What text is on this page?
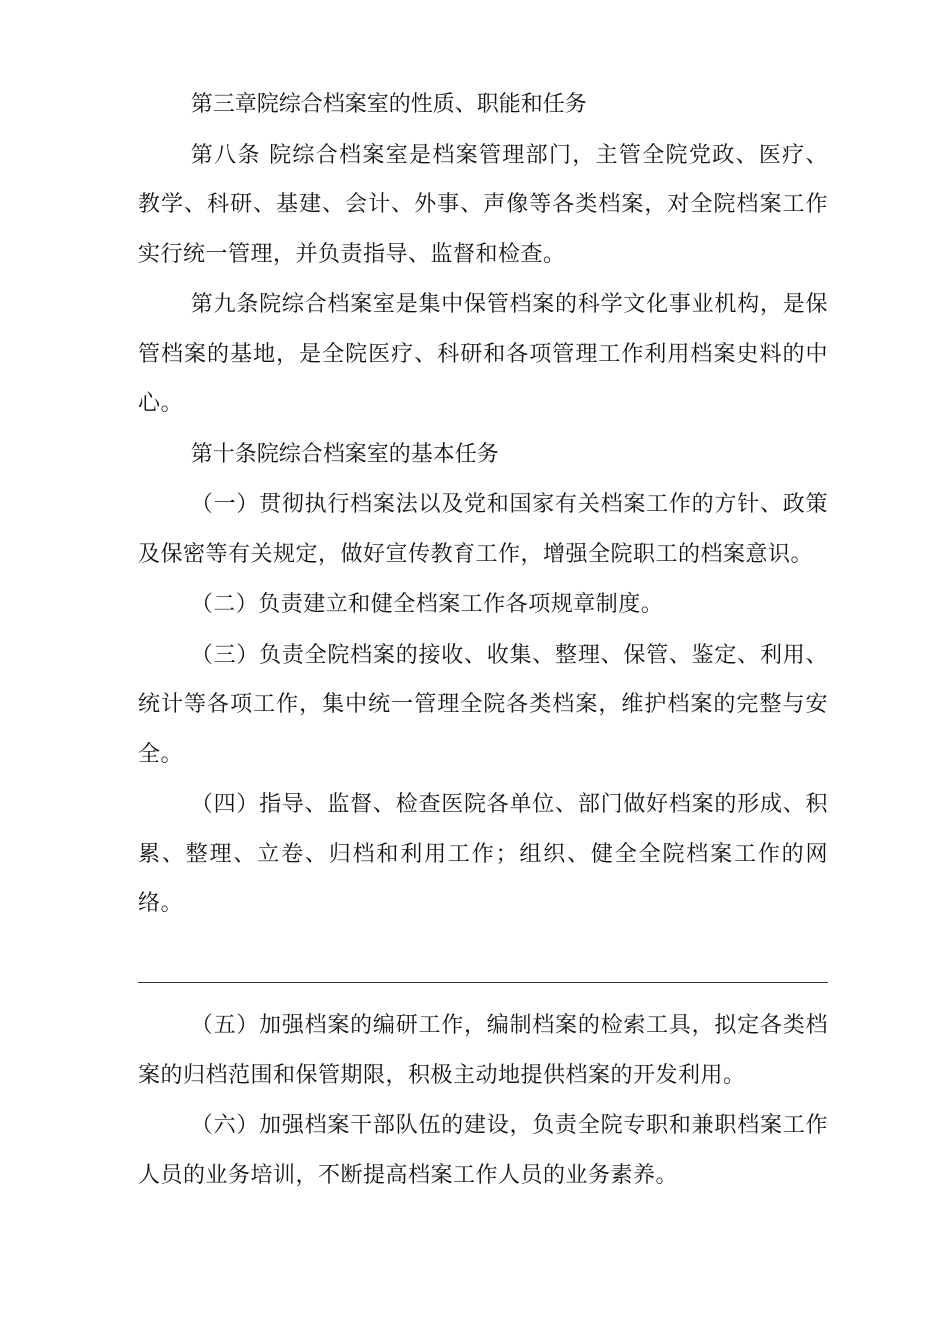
第三章院综合档案室的性质、职能和任务

第八条 院综合档案室是档案管理部门，主管全院党政、医疗、教学、科研、基建、会计、外事、声像等各类档案，对全院档案工作实行统一管理，并负责指导、监督和检查。

第九条院综合档案室是集中保管档案的科学文化事业机构，是保管档案的基地，是全院医疗、科研和各项管理工作利用档案史料的中心。

第十条院综合档案室的基本任务

（一）贯彻执行档案法以及党和国家有关档案工作的方针、政策及保密等有关规定，做好宣传教育工作，增强全院职工的档案意识。

（二）负责建立和健全档案工作各项规章制度。

（三）负责全院档案的接收、收集、整理、保管、鉴定、利用、统计等各项工作，集中统一管理全院各类档案，维护档案的完整与安全。

（四）指导、监督、检查医院各单位、部门做好档案的形成、积累、整理、立卷、归档和利用工作；组织、健全全院档案工作的网络。

（五）加强档案的编研工作，编制档案的检索工具，拟定各类档案的归档范围和保管期限，积极主动地提供档案的开发利用。

（六）加强档案干部队伍的建设，负责全院专职和兼职档案工作人员的业务培训，不断提高档案工作人员的业务素养。
